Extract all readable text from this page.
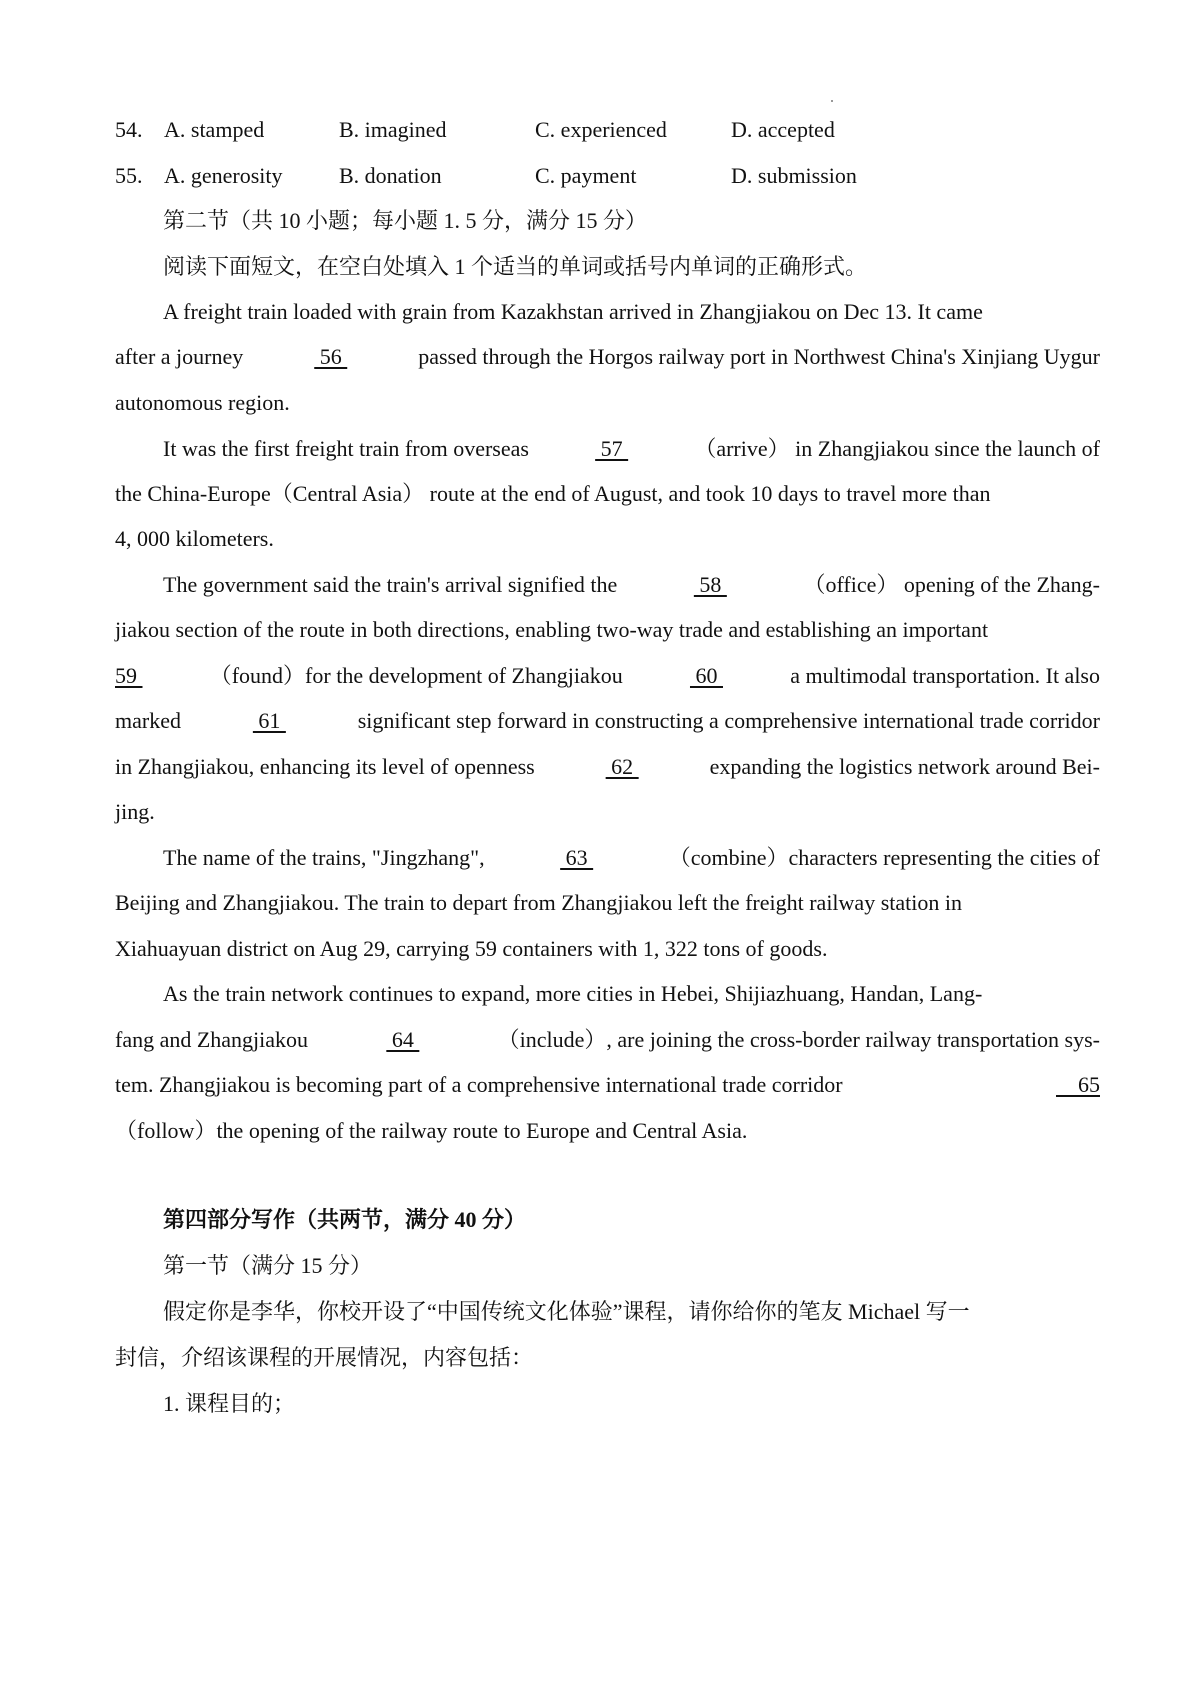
54. A. stamped	B. imagined	C. experienced	D. accepted
55. A. generosity	B. donation	C. payment	D. submission
第二节（共 10 小题；每小题 1. 5 分，满分 15 分）
阅读下面短文，在空白处填入 1 个适当的单词或括号内单词的正确形式。
A freight train loaded with grain from Kazakhstan arrived in Zhangjiakou on Dec 13. It came
after a journey	56	passed through the Horgos railway port in Northwest China's Xinjiang Uygur
autonomous region.
It was the first freight train from overseas	57	（arrive） in Zhangjiakou since the launch of
the China-Europe（Central Asia） route at the end of August, and took 10 days to travel more than
4, 000 kilometers.
The government said the train's arrival signified the	58	（office） opening of the Zhang-
jiakou section of the route in both directions, enabling two-way trade and establishing an important
59	（found）for the development of Zhangjiakou	60	a multimodal transportation. It also
marked	61	significant step forward in constructing a comprehensive international trade corridor
in Zhangjiakou, enhancing its level of openness	62	expanding the logistics network around Bei-
jing.
The name of the trains, "Jingzhang",	63	（combine）characters representing the cities of
Beijing and Zhangjiakou. The train to depart from Zhangjiakou left the freight railway station in
Xiahuayuan district on Aug 29, carrying 59 containers with 1, 322 tons of goods.
As the train network continues to expand, more cities in Hebei, Shijiazhuang, Handan, Lang-
fang and Zhangjiakou	64	（include）, are joining the cross-border railway transportation sys-
tem. Zhangjiakou is becoming part of a comprehensive international trade corridor	65
（follow）the opening of the railway route to Europe and Central Asia.
第四部分写作（共两节，满分 40 分）
第一节（满分 15 分）
假定你是李华，你校开设了“中国传统文化体验”课程，请你给你的笔友 Michael 写一
封信，介绍该课程的开展情况，内容包括：
1. 课程目的；
